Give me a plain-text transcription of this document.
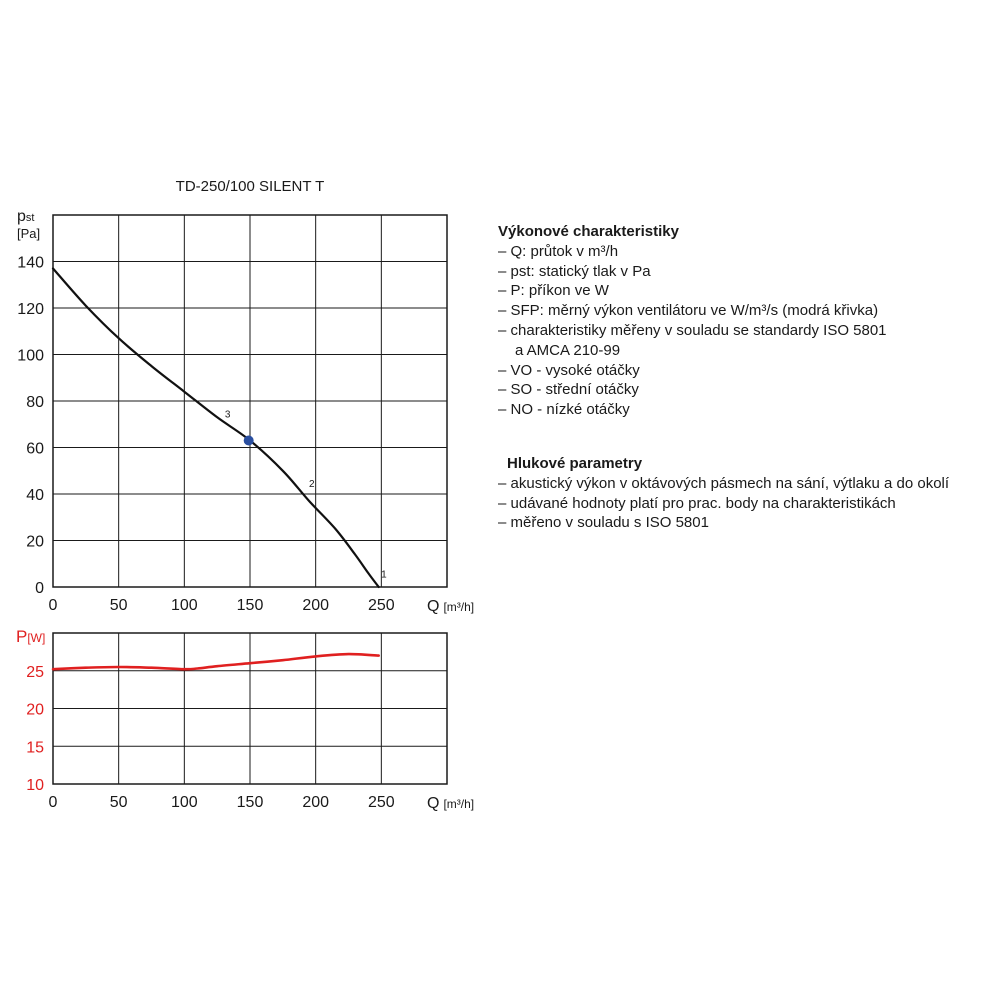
0	50	100 150 200 250
0
20
40
60
80
100
120
140
Q [m³/h]
pst
[Pa]
TD-250/100 SILENT T
3
2
1
0	50	100 150 200 250
10
15
20
25
Q [m³/h]
P[W]

Výkonové charakteristiky

– Q: průtok v m³/h
– pst: statický tlak v Pa
– P: příkon ve W
– SFP: měrný výkon ventilátoru ve W/m³/s (modrá křivka)
– charakteristiky měřeny v souladu se standardy ISO 5801
a AMCA 210-99
– VO - vysoké otáčky
– SO - střední otáčky
– NO - nízké otáčky

Hlukové parametry

– akustický výkon v oktávových pásmech na sání, výtlaku a do okolí
– udávané hodnoty platí pro prac. body na charakteristikách
– měřeno v souladu s ISO 5801
